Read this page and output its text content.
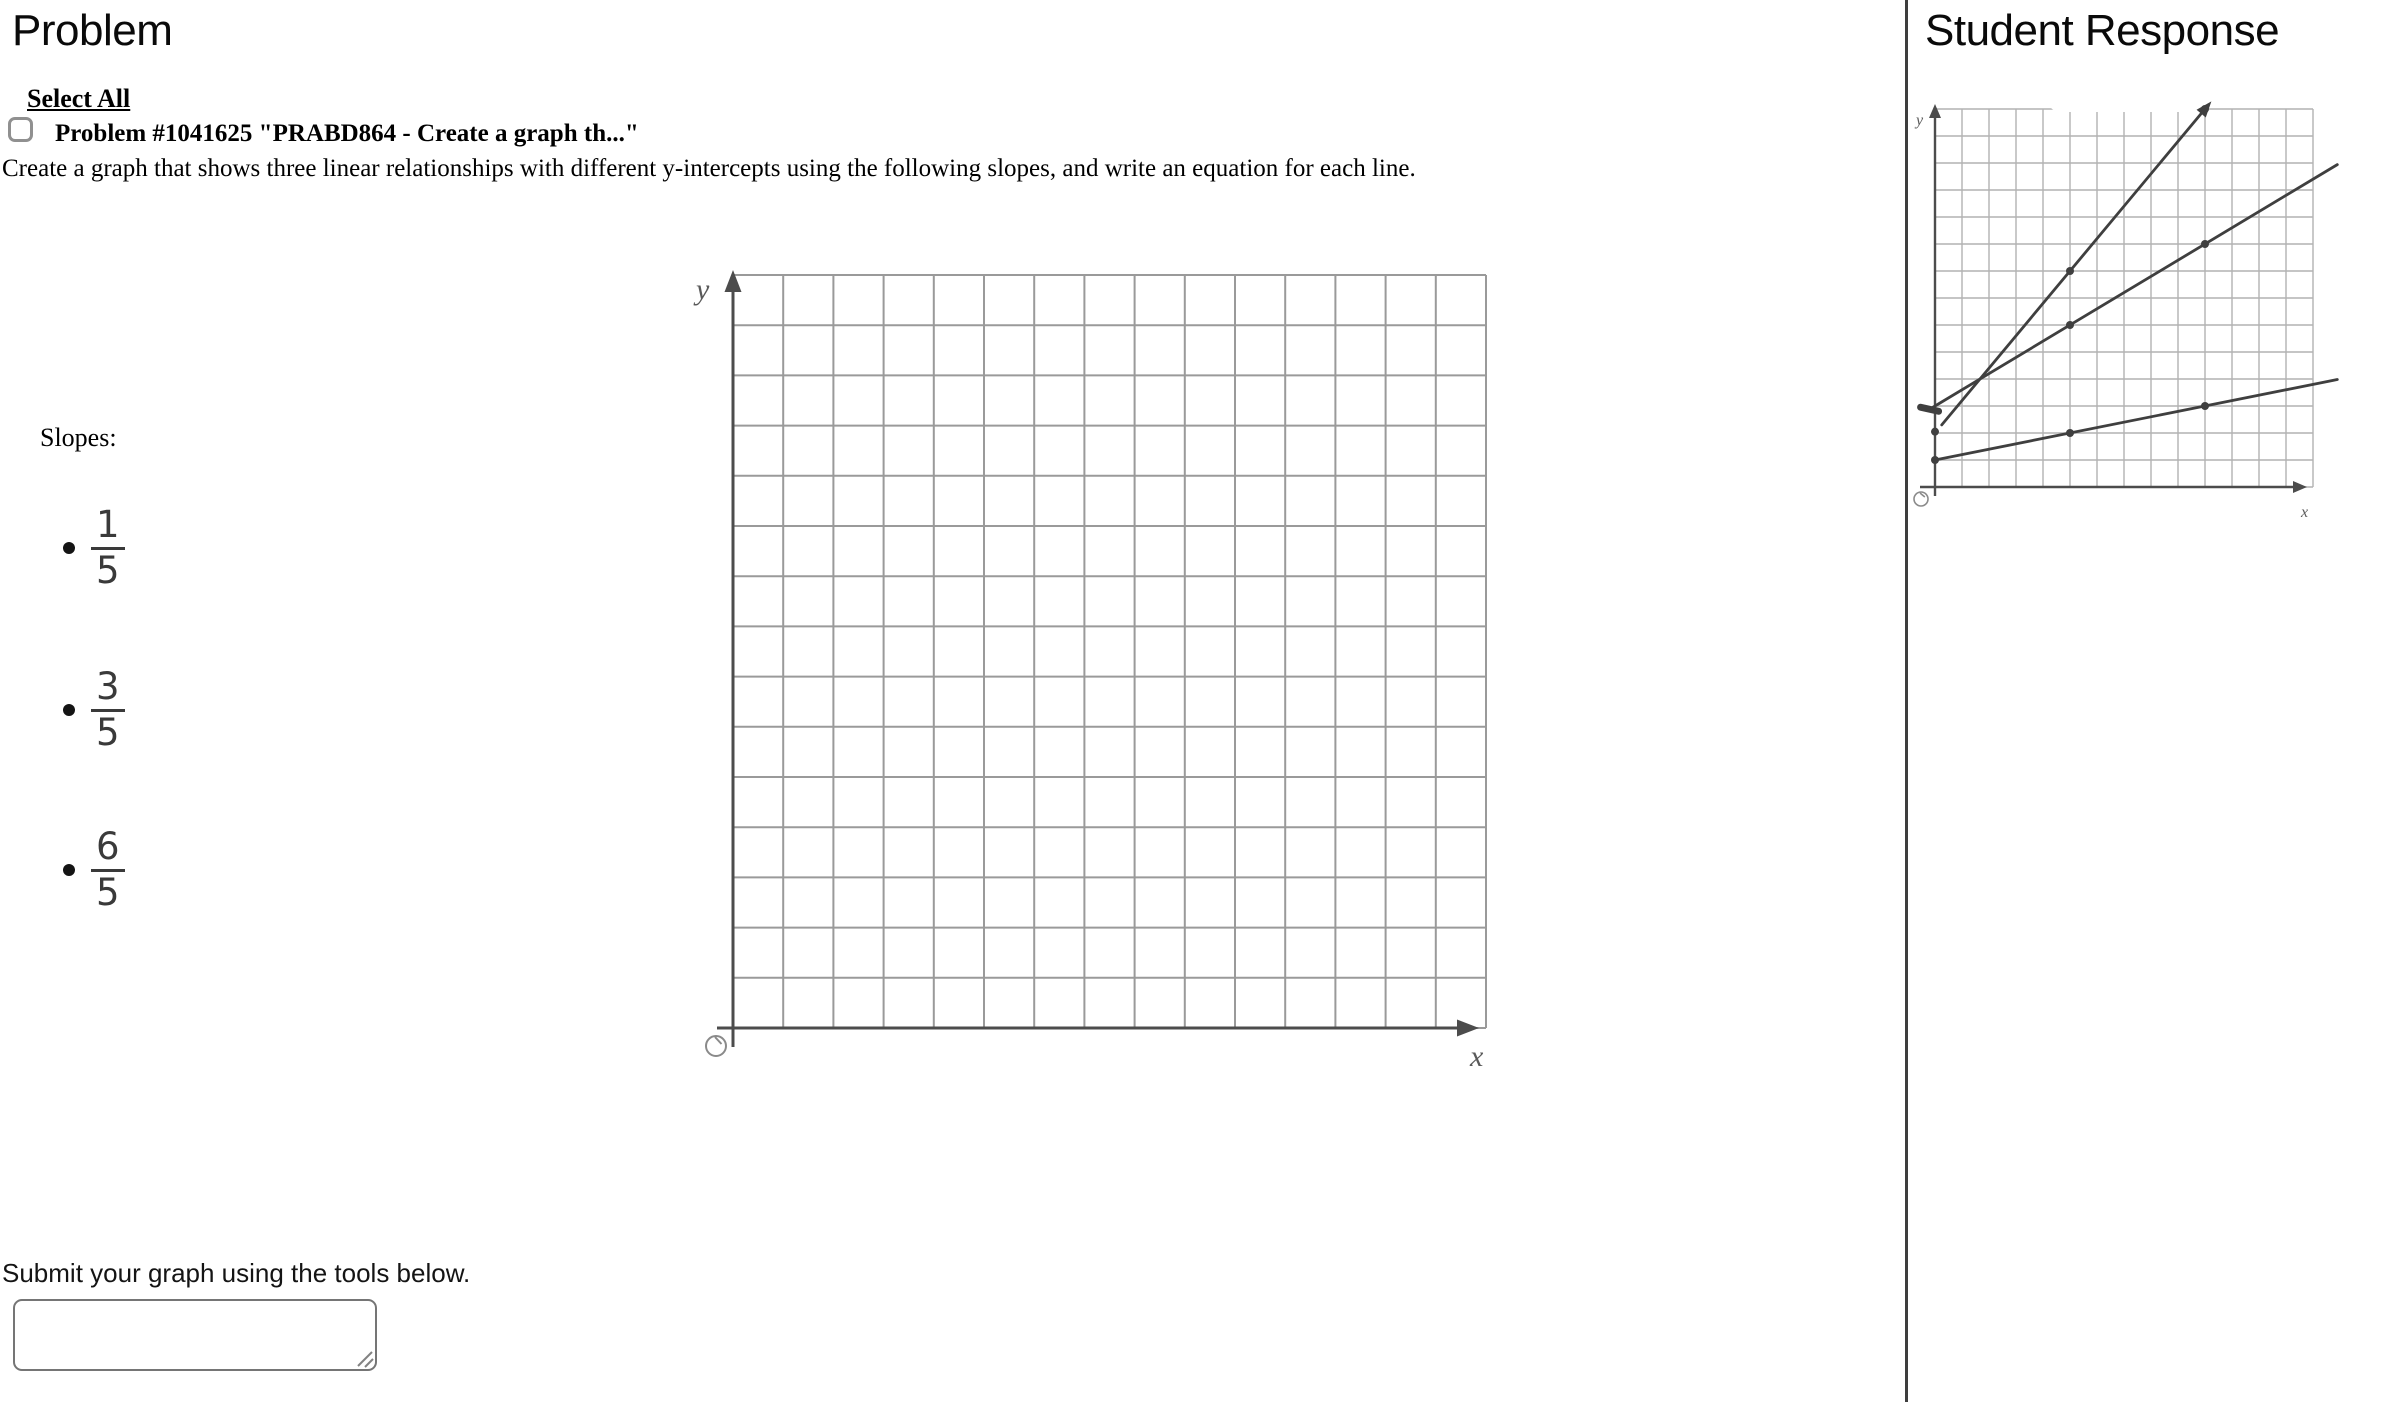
Problem
Select All
Problem #1041625 "PRABD864 - Create a graph th..."
Create a graph that shows three linear relationships with different y-intercepts using the following slopes, and write an equation for each line.
Slopes:
$\frac{1}{5}$
$\frac{3}{5}$
$\frac{6}{5}$
y
x
Submit your graph using the tools below.
Student Response
y
x
